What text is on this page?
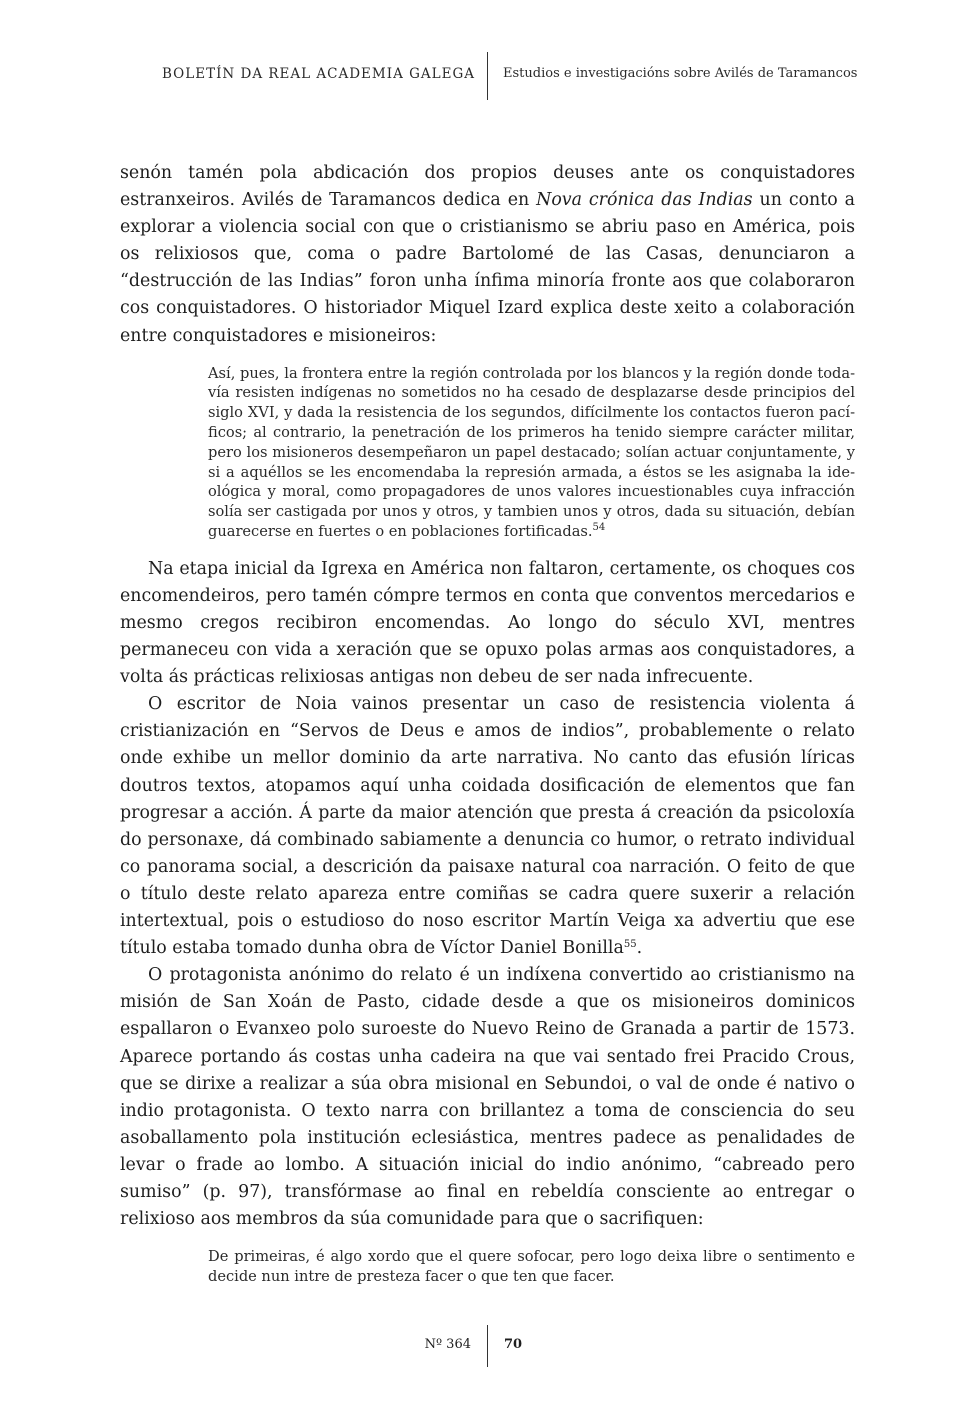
BOLETÍN DA REAL ACADEMIA GALEGA Estudios e investigacións sobre Avilés de Taramancos

senón tamén pola abdicación dos propios deuses ante os conquistadores estranxeiros. Avilés de Taramancos dedica en Nova crónica das Indias un conto a explorar a violencia social con que o cristianismo se abriu paso en América, pois os relixiosos que, coma o padre Bartolomé de las Casas, denunciaron a “destrucción de las Indias” foron unha ínfima minoría fronte aos que colaboraron cos conquistadores. O historiador Miquel Izard explica deste xeito a colaboración entre conquistadores e misioneiros:

Así, pues, la frontera entre la región controlada por los blancos y la región donde todavía resisten indígenas no sometidos no ha cesado de desplazarse desde principios del siglo XVI, y dada la resistencia de los segundos, difícilmente los contactos fueron pacíficos; al contrario, la penetración de los primeros ha tenido siempre carácter militar, pero los misioneros desempeñaron un papel destacado; solían actuar conjuntamente, y si a aquéllos se les encomendaba la represión armada, a éstos se les asignaba la ideológica y moral, como propagadores de unos valores incuestionables cuya infracción solía ser castigada por unos y otros, y tambien unos y otros, dada su situación, debían guarecerse en fuertes o en poblaciones fortificadas.$^{54}$

Na etapa inicial da Igrexa en América non faltaron, certamente, os choques cos encomendeiros, pero tamén cómpre termos en conta que conventos mercedarios e mesmo cregos recibiron encomendas. Ao longo do século XVI, mentres permaneceu con vida a xeración que se opuxo polas armas aos conquistadores, a volta ás prácticas relixiosas antigas non debeu de ser nada infrecuente.

O escritor de Noia vainos presentar un caso de resistencia violenta á cristianización en “Servos de Deus e amos de indios”, probablemente o relato onde exhibe un mellor dominio da arte narrativa. No canto das efusión líricas doutros textos, atopamos aquí unha coidada dosificación de elementos que fan progresar a acción. Á parte da maior atención que presta á creación da psicoloxía do personaxe, dá combinado sabiamente a denuncia co humor, o retrato individual co panorama social, a descrición da paisaxe natural coa narración. O feito de que o título deste relato apareza entre comiñas se cadra quere suxerir a relación intertextual, pois o estudioso do noso escritor Martín Veiga xa advertiu que ese título estaba tomado dunha obra de Víctor Daniel Bonilla$^{55}$.

O protagonista anónimo do relato é un indíxena convertido ao cristianismo na misión de San Xoán de Pasto, cidade desde a que os misioneiros dominicos espallaron o Evanxeo polo suroeste do Nuevo Reino de Granada a partir de 1573. Aparece portando ás costas unha cadeira na que vai sentado frei Pracido Crous, que se dirixe a realizar a súa obra misional en Sebundoi, o val de onde é nativo o indio protagonista. O texto narra con brillantez a toma de consciencia do seu asoballamento pola institución eclesiástica, mentres padece as penalidades de levar o frade ao lombo. A situación inicial do indio anónimo, “cabreado pero sumiso” (p. 97), transfórmase ao final en rebeldía consciente ao entregar o relixioso aos membros da súa comunidade para que o sacrifiquen:

De primeiras, é algo xordo que el quere sofocar, pero logo deixa libre o sentimento e decide nun intre de presteza facer o que ten que facer.
Nº 364	70
